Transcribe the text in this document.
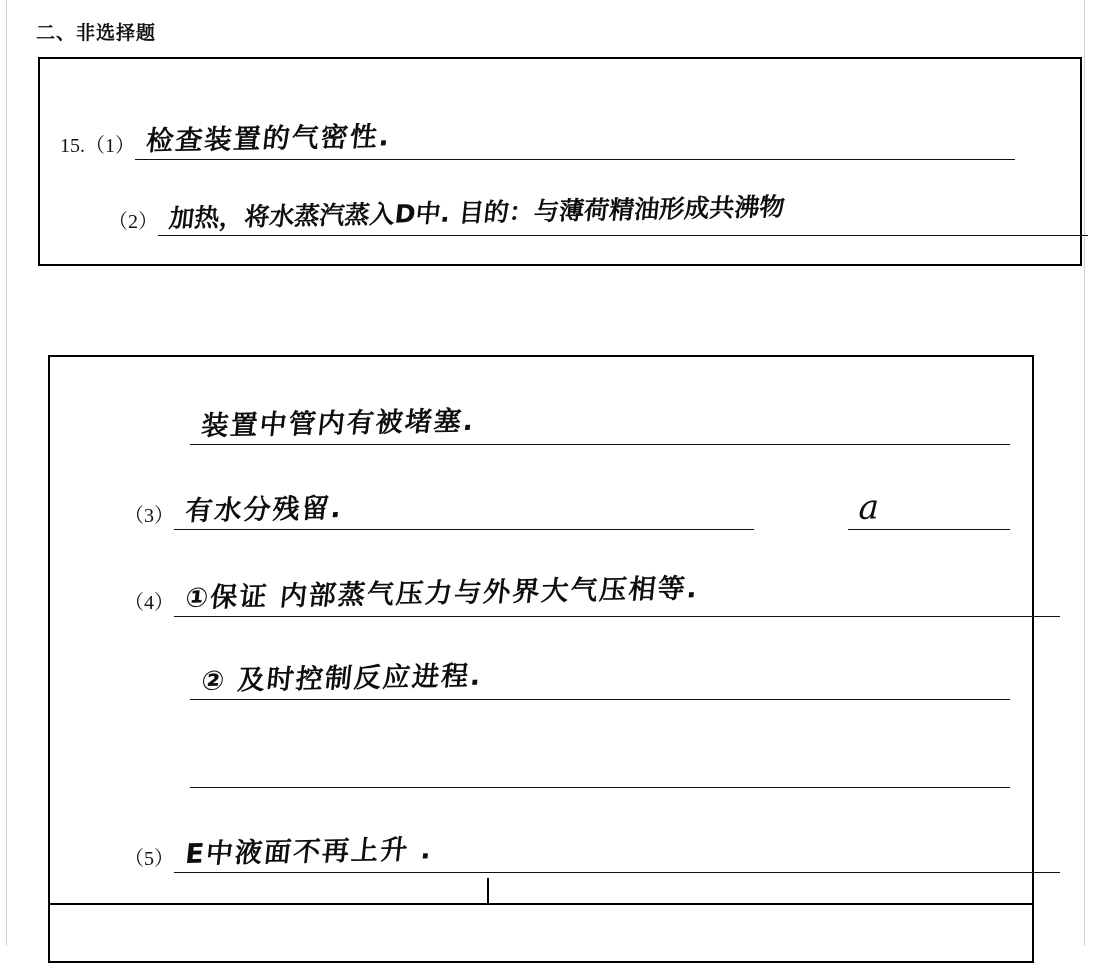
二、非选择题
15. （1） 检查装置的气密性.
（2） 加热，将水蒸汽蒸入D中. 目的：与薄荷精油形成共沸物
装置中管内有被堵塞.
（3） 有水分残留.	a
（4） ①保证 内部蒸气压力与外界大气压相等.
② 及时控制反应进程.
（5） E中液面不再上升 .
